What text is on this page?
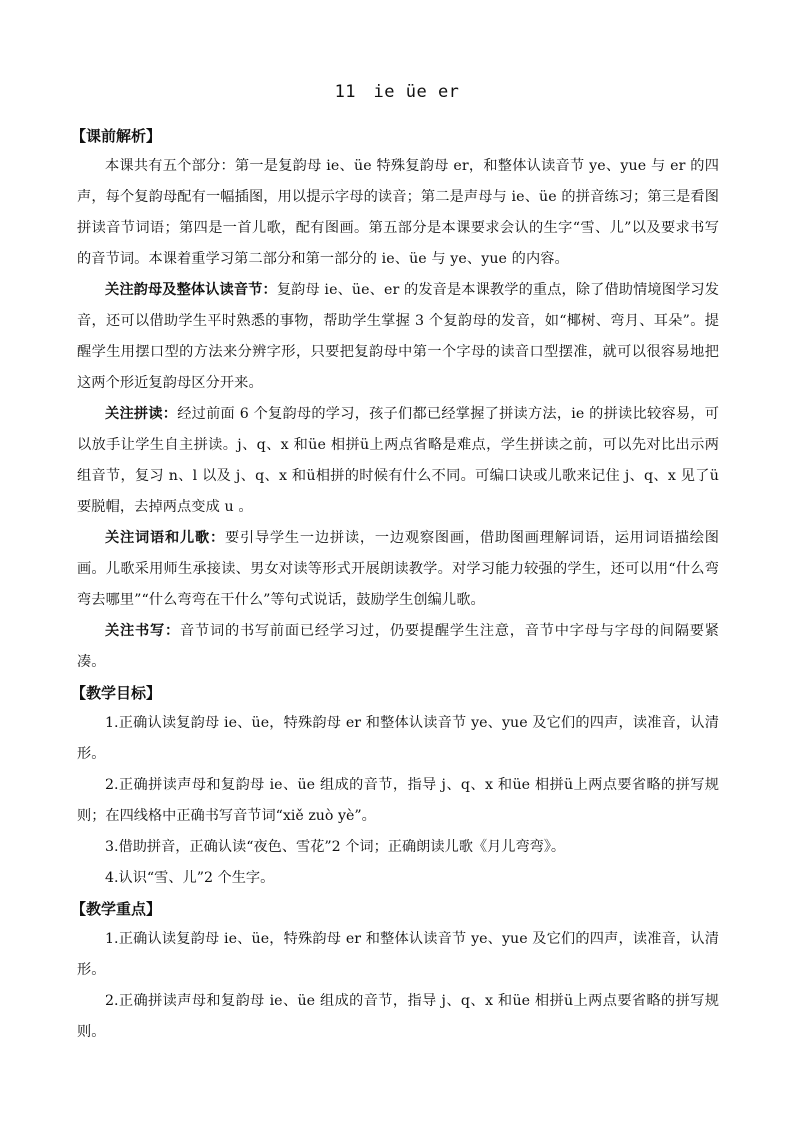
11　ie üe er

【课前解析】

本课共有五个部分：第一是复韵母 ie、üe 特殊复韵母 er，和整体认读音节 ye、yue 与 er 的四声，每个复韵母配有一幅插图，用以提示字母的读音；第二是声母与 ie、üe 的拼音练习；第三是看图拼读音节词语；第四是一首儿歌，配有图画。第五部分是本课要求会认的生字“雪、儿”以及要求书写的音节词。本课着重学习第二部分和第一部分的 ie、üe 与 ye、yue 的内容。

关注韵母及整体认读音节：复韵母 ie、üe、er 的发音是本课教学的重点，除了借助情境图学习发音，还可以借助学生平时熟悉的事物，帮助学生掌握 3 个复韵母的发音，如“椰树、弯月、耳朵”。提醒学生用摆口型的方法来分辨字形，只要把复韵母中第一个字母的读音口型摆准，就可以很容易地把这两个形近复韵母区分开来。

关注拼读：经过前面 6 个复韵母的学习，孩子们都已经掌握了拼读方法，ie 的拼读比较容易，可以放手让学生自主拼读。j、q、x 和üe 相拼ü上两点省略是难点，学生拼读之前，可以先对比出示两组音节，复习 n、l 以及 j、q、x 和ü相拼的时候有什么不同。可编口诀或儿歌来记住 j、q、x 见了ü要脱帽，去掉两点变成 u 。

关注词语和儿歌：要引导学生一边拼读，一边观察图画，借助图画理解词语，运用词语描绘图画。儿歌采用师生承接读、男女对读等形式开展朗读教学。对学习能力较强的学生，还可以用“什么弯弯去哪里”“什么弯弯在干什么”等句式说话，鼓励学生创编儿歌。

关注书写：音节词的书写前面已经学习过，仍要提醒学生注意，音节中字母与字母的间隔要紧凑。

【教学目标】

1.正确认读复韵母 ie、üe，特殊韵母 er 和整体认读音节 ye、yue 及它们的四声，读准音，认清形。

2.正确拼读声母和复韵母 ie、üe 组成的音节，指导 j、q、x 和üe 相拼ü上两点要省略的拼写规则；在四线格中正确书写音节词“xiě zuò yè”。

3.借助拼音，正确认读“夜色、雪花”2 个词；正确朗读儿歌《月儿弯弯》。

4.认识“雪、儿”2 个生字。

【教学重点】

1.正确认读复韵母 ie、üe，特殊韵母 er 和整体认读音节 ye、yue 及它们的四声，读准音，认清形。

2.正确拼读声母和复韵母 ie、üe 组成的音节，指导 j、q、x 和üe 相拼ü上两点要省略的拼写规则。
